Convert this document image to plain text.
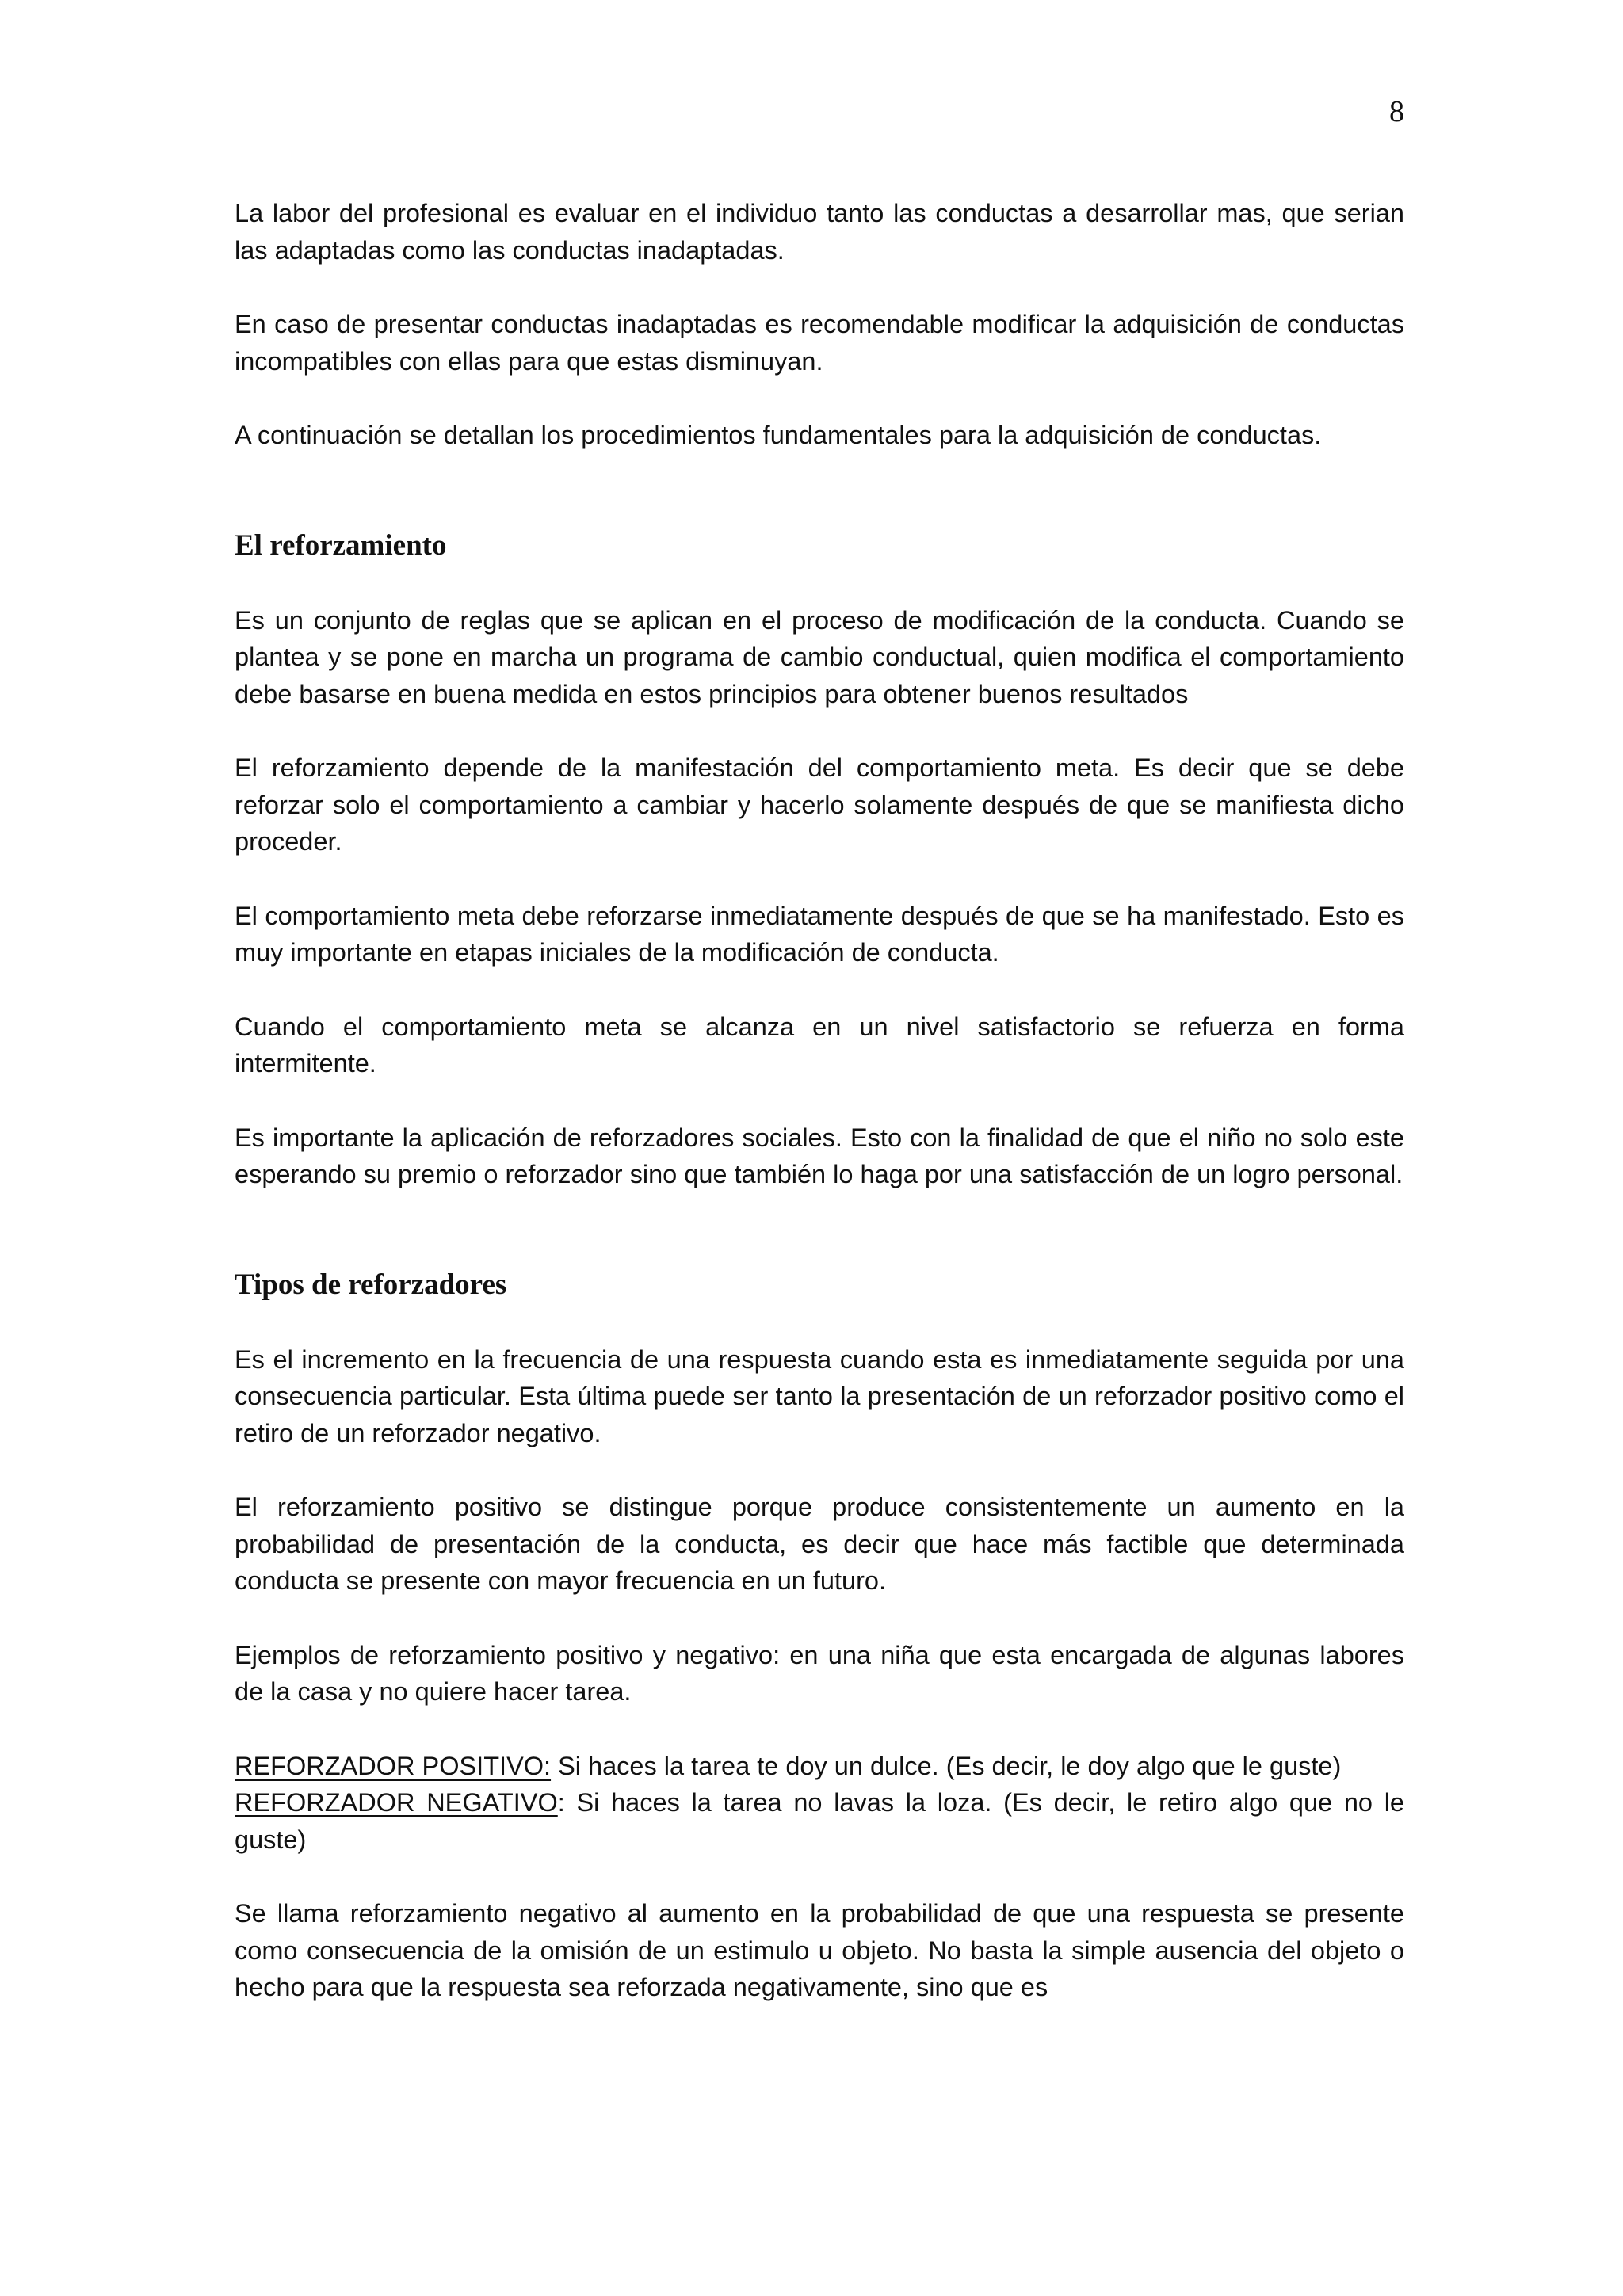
8

La labor del profesional es evaluar en el individuo tanto las conductas a desarrollar mas, que serian las adaptadas como las conductas inadaptadas.

En caso de presentar conductas inadaptadas es recomendable modificar la adquisición de conductas incompatibles con ellas para que estas disminuyan.

A continuación se detallan los procedimientos fundamentales para la adquisición de conductas.

El reforzamiento

Es un conjunto de reglas que se aplican en el proceso de modificación de la conducta. Cuando se plantea y se pone en marcha un programa de cambio conductual, quien modifica el comportamiento debe basarse en buena medida en estos principios para obtener buenos resultados

El reforzamiento depende de la manifestación del comportamiento meta. Es decir que se debe reforzar solo el comportamiento a cambiar y hacerlo solamente después de que se manifiesta dicho proceder.

El comportamiento meta debe reforzarse inmediatamente después de que se ha manifestado. Esto es muy importante en etapas iniciales de la modificación de conducta.

Cuando el comportamiento meta se alcanza en un nivel satisfactorio se refuerza en forma intermitente.

Es importante la aplicación de reforzadores sociales. Esto con la finalidad de que el niño no solo este esperando su premio o reforzador sino que también lo haga por una satisfacción de un logro personal.

Tipos de reforzadores

Es el incremento en la frecuencia de una respuesta cuando esta es inmediatamente seguida por una consecuencia particular. Esta última puede ser tanto la presentación de un reforzador positivo como el retiro de un reforzador negativo.

El reforzamiento positivo se distingue porque produce consistentemente un aumento en la probabilidad de presentación de la conducta, es decir que hace más factible que determinada conducta se presente con mayor frecuencia en un futuro.

Ejemplos de reforzamiento positivo y negativo: en una niña que esta encargada de algunas labores de la casa y no quiere hacer tarea.

REFORZADOR POSITIVO: Si haces la tarea te doy un dulce. (Es decir, le doy algo que le guste)

REFORZADOR NEGATIVO: Si haces la tarea no lavas la loza. (Es decir, le retiro algo que no le guste)

Se llama reforzamiento negativo al aumento en la probabilidad de que una respuesta se presente como consecuencia de la omisión de un estimulo u objeto. No basta la simple ausencia del objeto o hecho para que la respuesta sea reforzada negativamente, sino que es
